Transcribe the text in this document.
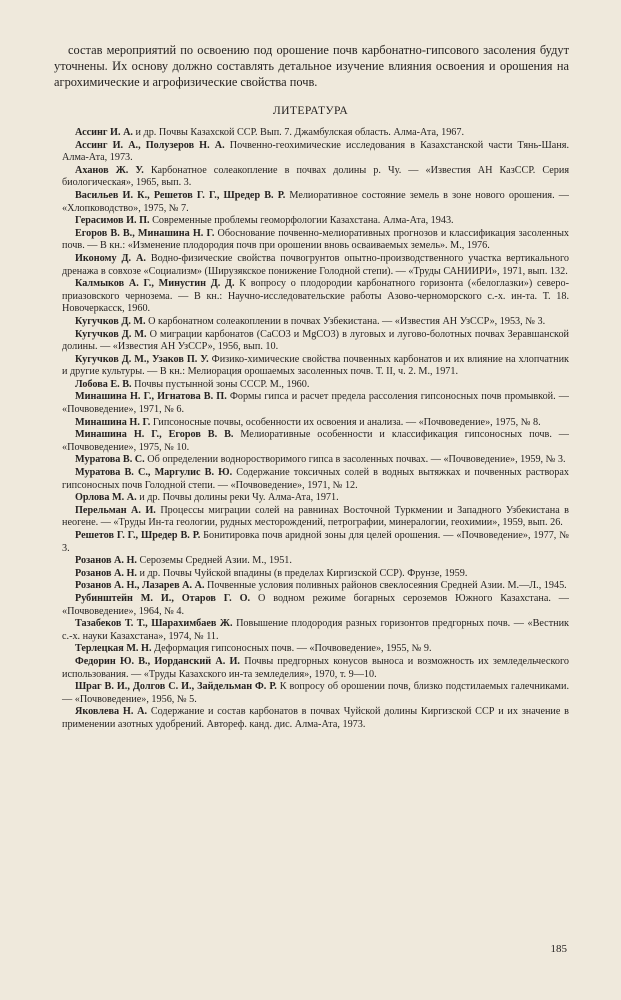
состав мероприятий по освоению под орошение почв карбонатно-гипсового засоления будут уточнены. Их основу должно составлять детальное изучение влияния освоения и орошения на агрохимические и агрофизические свойства почв.

ЛИТЕРАТУРА

Ассинг И. А. и др. Почвы Казахской ССР. Вып. 7. Джамбулская область. Алма-Ата, 1967.

Ассинг И. А., Полузеров Н. А. Почвенно-геохимические исследования в Казахстанской части Тянь-Шаня. Алма-Ата, 1973.

Аханов Ж. У. Карбонатное солеакопление в почвах долины р. Чу. — «Известия АН КазССР. Серия биологическая», 1965, вып. 3.

Васильев И. К., Решетов Г. Г., Шредер В. Р. Мелиоративное состояние земель в зоне нового орошения. — «Хлопководство», 1975, № 7.

Герасимов И. П. Современные проблемы геоморфологии Казахстана. Алма-Ата, 1943.

Егоров В. В., Минашина Н. Г. Обоснование почвенно-мелиоративных прогнозов и классификация засоленных почв. — В кн.: «Изменение плодородия почв при орошении вновь осваиваемых земель». М., 1976.

Икономy Д. А. Водно-физические свойства почвогрунтов опытно-производственного участка вертикального дренажа в совхозе «Социализм» (Ширузякское понижение Голодной степи). — «Труды САНИИРИ», 1971, вып. 132.

Калмыков А. Г., Минустин Д. Д. К вопросу о плодородии карбонатного горизонта («белоглазки») северо-приазовского чернозема. — В кн.: Научно-исследовательские работы Азово-черноморского с.-х. ин-та. Т. 18. Новочеркасск, 1960.

Кугучков Д. М. О карбонатном солеакоплении в почвах Узбекистана. — «Известия АН УзССР», 1953, № 3.

Кугучков Д. М. О миграции карбонатов (CaCO3 и MgCO3) в луговых и лугово-болотных почвах Зеравшанской долины. — «Известия АН УзССР», 1956, вып. 10.

Кугучков Д. М., Узаков П. У. Физико-химические свойства почвенных карбонатов и их влияние на хлопчатник и другие культуры. — В кн.: Мелиорация орошаемых засоленных почв. Т. II, ч. 2. М., 1971.

Лобова Е. В. Почвы пустынной зоны СССР. М., 1960.

Минашина Н. Г., Игнатова В. П. Формы гипса и расчет предела рассоления гипсоносных почв промывкой. — «Почвоведение», 1971, № 6.

Минашина Н. Г. Гипсоносные почвы, особенности их освоения и анализа. — «Почвоведение», 1975, № 8.

Минашина Н. Г., Егоров В. В. Мелиоративные особенности и классификация гипсоносных почв. — «Почвоведение», 1975, № 10.

Муратова В. С. Об определении водноростворимого гипса в засоленных почвах. — «Почвоведение», 1959, № 3.

Муратова В. С., Маргулис В. Ю. Содержание токсичных солей в водных вытяжках и почвенных растворах гипсоносных почв Голодной степи. — «Почвоведение», 1971, № 12.

Орлова М. А. и др. Почвы долины реки Чу. Алма-Ата, 1971.

Перельман А. И. Процессы миграции солей на равнинах Восточной Туркмении и Западного Узбекистана в неогене. — «Труды Ин-та геологии, рудных месторождений, петрографии, минералогии, геохимии», 1959, вып. 26.

Решетов Г. Г., Шредер В. Р. Бонитировка почв аридной зоны для целей орошения. — «Почвоведение», 1977, № 3.

Розанов А. Н. Сероземы Средней Азии. М., 1951.

Розанов А. Н. и др. Почвы Чуйской впадины (в пределах Киргизской ССР). Фрунзе, 1959.

Розанов А. Н., Лазарев А. А. Почвенные условия поливных районов свеклосеяния Средней Азии. М.—Л., 1945.

Рубинштейн М. И., Отаров Г. О. О водном режиме богарных сероземов Южного Казахстана. — «Почвоведение», 1964, № 4.

Тазабеков Т. Т., Шарахимбаев Ж. Повышение плодородия разных горизонтов предгорных почв. — «Вестник с.-х. науки Казахстана», 1974, № 11.

Терлецкая М. Н. Деформация гипсоносных почв. — «Почвоведение», 1955, № 9.

Федорин Ю. В., Иорданский А. И. Почвы предгорных конусов выноса и возможность их земледельческого использования. — «Труды Казахского ин-та земледелия», 1970, т. 9—10.

Шраг В. И., Долгов С. И., Зайдельман Ф. Р. К вопросу об орошении почв, близко подстилаемых галечниками. — «Почвоведение», 1956, № 5.

Яковлева Н. А. Содержание и состав карбонатов в почвах Чуйской долины Киргизской ССР и их значение в применении азотных удобрений. Автореф. канд. дис. Алма-Ата, 1973.

185
